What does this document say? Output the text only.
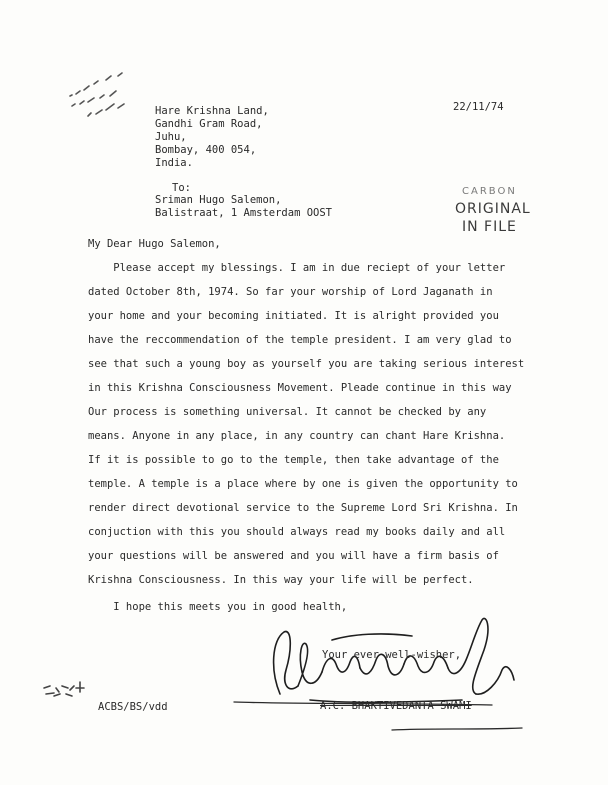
22/11/74
Hare Krishna Land,
Gandhi Gram Road,
Juhu,
Bombay, 400 054,
India.
To:
Sriman Hugo Salemon,
Balistraat, 1 Amsterdam OOST
CARBON
ORIGINAL
IN FILE
My Dear Hugo Salemon,
Please accept my blessings. I am in due reciept of your letter
dated October 8th, 1974. So far your worship of Lord Jaganath in
your home and your becoming initiated. It is alright provided you
have the reccommendation of the temple president. I am very glad to
see that such a young boy as yourself you are taking serious interest
in this Krishna Consciousness Movement. Pleade continue in this way
Our process is something universal. It cannot be checked by any
means. Anyone in any place, in any country can chant Hare Krishna.
If it is possible to go to the temple, then take advantage of the
temple. A temple is a place where by one is given the opportunity to
render direct devotional service to the Supreme Lord Sri Krishna. In
conjuction with this you should always read my books daily and all
your questions will be answered and you will have a firm basis of
Krishna Consciousness. In this way your life will be perfect.
I hope this meets you in good health,
Your ever well-wisher,
A.C. BHAKTIVEDANTA SWAMI
ACBS/BS/vdd
